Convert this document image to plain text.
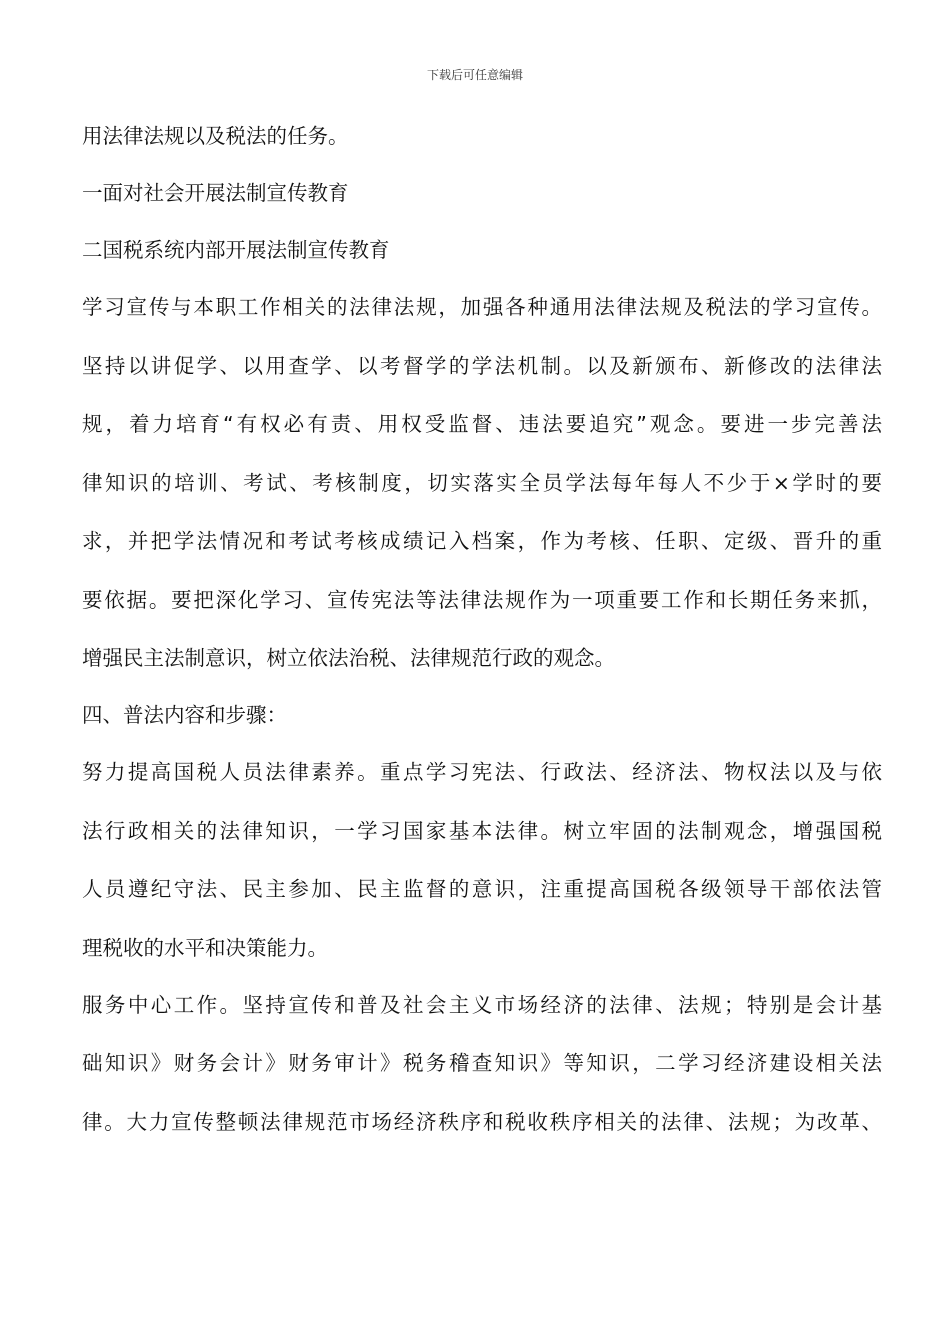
下载后可任意编辑
用法律法规以及税法的任务。
一面对社会开展法制宣传教育
二国税系统内部开展法制宣传教育
学习宣传与本职工作相关的法律法规，加强各种通用法律法规及税法的学习宣传。
坚持以讲促学、以用查学、以考督学的学法机制。以及新颁布、新修改的法律法
规，着力培育“有权必有责、用权受监督、违法要追究”观念。要进一步完善法
律知识的培训、考试、考核制度，切实落实全员学法每年每人不少于×学时的要
求，并把学法情况和考试考核成绩记入档案，作为考核、任职、定级、晋升的重
要依据。要把深化学习、宣传宪法等法律法规作为一项重要工作和长期任务来抓，
增强民主法制意识，树立依法治税、法律规范行政的观念。
四、普法内容和步骤：
努力提高国税人员法律素养。重点学习宪法、行政法、经济法、物权法以及与依
法行政相关的法律知识，一学习国家基本法律。树立牢固的法制观念，增强国税
人员遵纪守法、民主参加、民主监督的意识，注重提高国税各级领导干部依法管
理税收的水平和决策能力。
服务中心工作。坚持宣传和普及社会主义市场经济的法律、法规；特别是会计基
础知识》财务会计》财务审计》税务稽查知识》等知识，二学习经济建设相关法
律。大力宣传整顿法律规范市场经济秩序和税收秩序相关的法律、法规；为改革、
